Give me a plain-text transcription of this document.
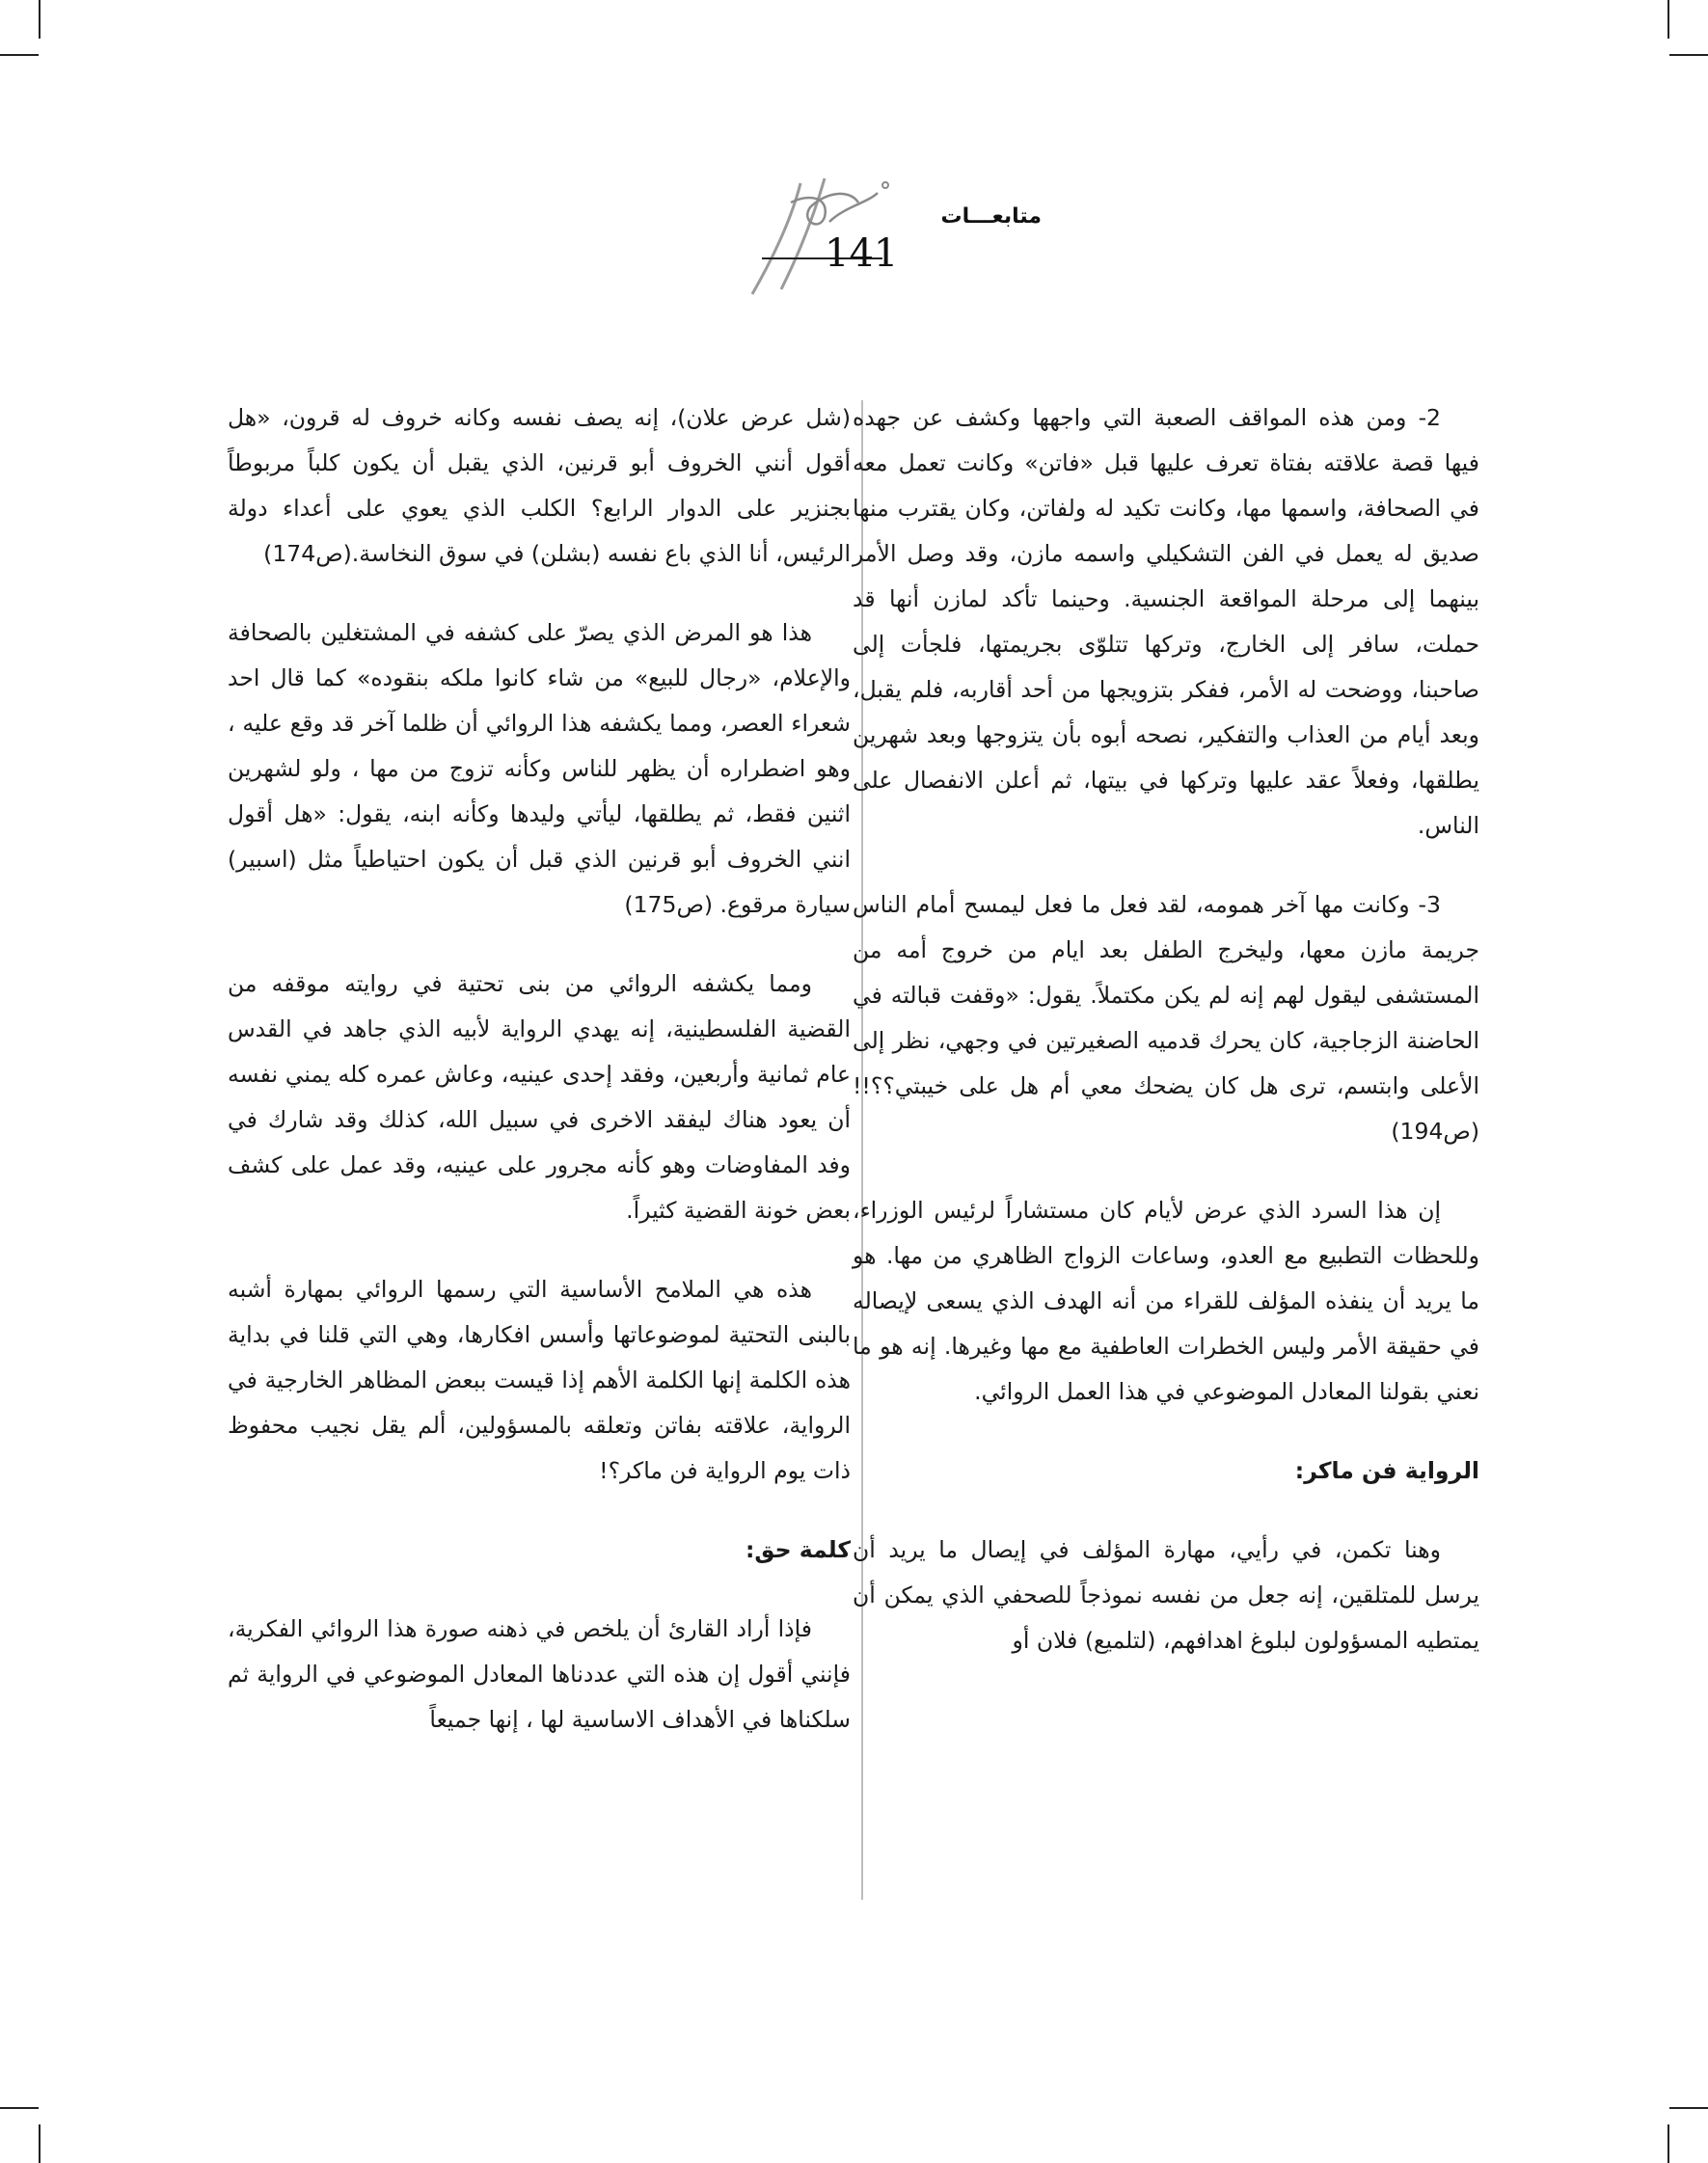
متابعـــات
141

2- ومن هذه المواقف الصعبة التي واجهها وكشف عن جهده فيها قصة علاقته بفتاة تعرف عليها قبل «فاتن» وكانت تعمل معه في الصحافة، واسمها مها، وكانت تكيد له ولفاتن، وكان يقترب منها صديق له يعمل في الفن التشكيلي واسمه مازن، وقد وصل الأمر بينهما إلى مرحلة المواقعة الجنسية. وحينما تأكد لمازن أنها قد حملت، سافر إلى الخارج، وتركها تتلوّى بجريمتها، فلجأت إلى صاحبنا، ووضحت له الأمر، ففكر بتزويجها من أحد أقاربه، فلم يقبل، وبعد أيام من العذاب والتفكير، نصحه أبوه بأن يتزوجها وبعد شهرين يطلقها، وفعلاً عقد عليها وتركها في بيتها، ثم أعلن الانفصال على الناس.

3- وكانت مها آخر همومه، لقد فعل ما فعل ليمسح أمام الناس جريمة مازن معها، وليخرج الطفل بعد ايام من خروج أمه من المستشفى ليقول لهم إنه لم يكن مكتملاً. يقول: «وقفت قبالته في الحاضنة الزجاجية، كان يحرك قدميه الصغيرتين في وجهي، نظر إلى الأعلى وابتسم، ترى هل كان يضحك معي أم هل على خيبتي؟؟!!(ص194)

إن هذا السرد الذي عرض لأيام كان مستشاراً لرئيس الوزراء، وللحظات التطبيع مع العدو، وساعات الزواج الظاهري من مها. هو ما يريد أن ينفذه المؤلف للقراء من أنه الهدف الذي يسعى لإيصاله في حقيقة الأمر وليس الخطرات العاطفية مع مها وغيرها. إنه هو ما نعني بقولنا المعادل الموضوعي في هذا العمل الروائي.

الرواية فن ماكر:

وهنا تكمن، في رأيي، مهارة المؤلف في إيصال ما يريد أن يرسل للمتلقين، إنه جعل من نفسه نموذجاً للصحفي الذي يمكن أن يمتطيه المسؤولون لبلوغ اهدافهم، (لتلميع) فلان أو

(شل عرض علان)، إنه يصف نفسه وكانه خروف له قرون، «هل أقول أنني الخروف أبو قرنين، الذي يقبل أن يكون كلباً مربوطاً بجنزير على الدوار الرابع؟ الكلب الذي يعوي على أعداء دولة الرئيس، أنا الذي باع نفسه (بشلن) في سوق النخاسة.(ص174)

هذا هو المرض الذي يصرّ على كشفه في المشتغلين بالصحافة والإعلام، «رجال للبيع» من شاء كانوا ملكه بنقوده» كما قال احد شعراء العصر، ومما يكشفه هذا الروائي أن ظلما آخر قد وقع عليه ، وهو اضطراره أن يظهر للناس وكأنه تزوج من مها ، ولو لشهرين اثنين فقط، ثم يطلقها، ليأتي وليدها وكأنه ابنه، يقول: «هل أقول انني الخروف أبو قرنين الذي قبل أن يكون احتياطياً مثل (اسبير) سيارة مرقوع. (ص175)

ومما يكشفه الروائي من بنى تحتية في روايته موقفه من القضية الفلسطينية، إنه يهدي الرواية لأبيه الذي جاهد في القدس عام ثمانية وأربعين، وفقد إحدى عينيه، وعاش عمره كله يمني نفسه أن يعود هناك ليفقد الاخرى في سبيل الله، كذلك وقد شارك في وفد المفاوضات وهو كأنه مجرور على عينيه، وقد عمل على كشف بعض خونة القضية كثيراً.

هذه هي الملامح الأساسية التي رسمها الروائي بمهارة أشبه بالبنى التحتية لموضوعاتها وأسس افكارها، وهي التي قلنا في بداية هذه الكلمة إنها الكلمة الأهم إذا قيست ببعض المظاهر الخارجية في الرواية، علاقته بفاتن وتعلقه بالمسؤولين، ألم يقل نجيب محفوظ ذات يوم الرواية فن ماكر؟!

كلمة حق:

فإذا أراد القارئ أن يلخص في ذهنه صورة هذا الروائي الفكرية، فإنني أقول إن هذه التي عددناها المعادل الموضوعي في الرواية ثم سلكناها في الأهداف الاساسية لها ، إنها جميعاً
